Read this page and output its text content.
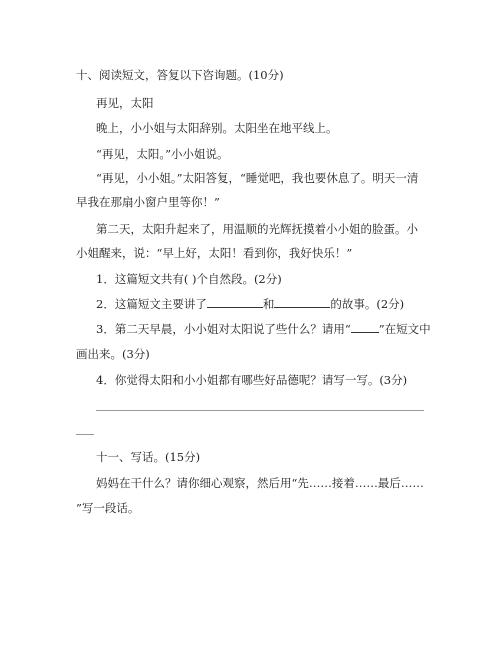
十、阅读短文，答复以下咨询题。(10分)
再见，太阳
晚上，小小姐与太阳辞别。太阳坐在地平线上。
“再见，太阳。”小小姐说。
“再见，小小姐。”太阳答复，“睡觉吧，我也要休息了。明天一清
早我在那扇小窗户里等你！”
第二天，太阳升起来了，用温顺的光辉抚摸着小小姐的脸蛋。小
小姐醒来，说：“早上好，太阳！看到你，我好快乐！”
1．这篇短文共有( )个自然段。(2分)
2．这篇短文主要讲了	和	的故事。(2分)
3．第二天早晨，小小姐对太阳说了些什么？请用“ ”在短文中
画出来。(3分)
4．你觉得太阳和小小姐都有哪些好品德呢？请写一写。(3分)
十一、写话。(15分)
妈妈在干什么？请你细心观察，然后用“先……接着……最后……
”写一段话。
